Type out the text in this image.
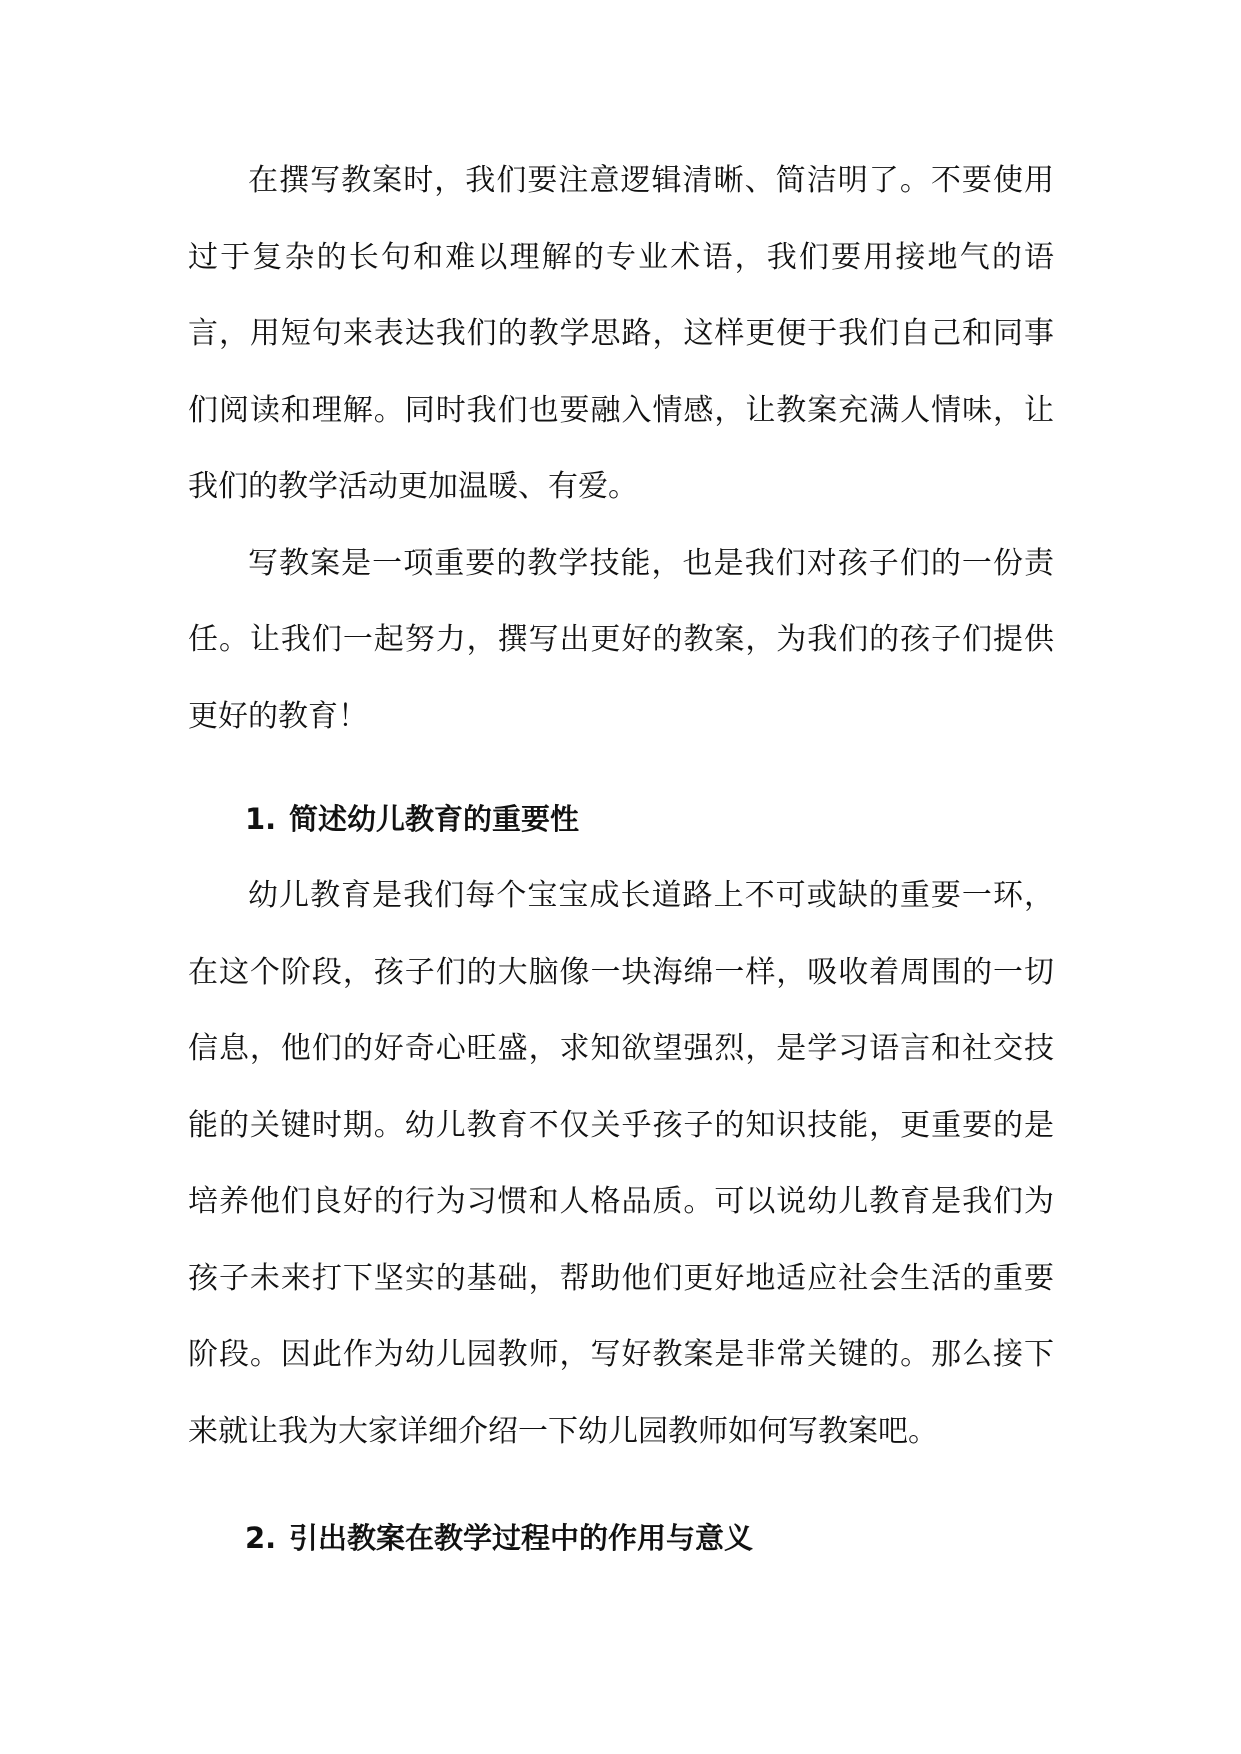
在撰写教案时，我们要注意逻辑清晰、简洁明了。不要使用过于复杂的长句和难以理解的专业术语，我们要用接地气的语言，用短句来表达我们的教学思路，这样更便于我们自己和同事们阅读和理解。同时我们也要融入情感，让教案充满人情味，让我们的教学活动更加温暖、有爱。

写教案是一项重要的教学技能，也是我们对孩子们的一份责任。让我们一起努力，撰写出更好的教案，为我们的孩子们提供更好的教育！

1. 简述幼儿教育的重要性

幼儿教育是我们每个宝宝成长道路上不可或缺的重要一环，在这个阶段，孩子们的大脑像一块海绵一样，吸收着周围的一切信息，他们的好奇心旺盛，求知欲望强烈，是学习语言和社交技能的关键时期。幼儿教育不仅关乎孩子的知识技能，更重要的是培养他们良好的行为习惯和人格品质。可以说幼儿教育是我们为孩子未来打下坚实的基础，帮助他们更好地适应社会生活的重要阶段。因此作为幼儿园教师，写好教案是非常关键的。那么接下来就让我为大家详细介绍一下幼儿园教师如何写教案吧。

2. 引出教案在教学过程中的作用与意义
